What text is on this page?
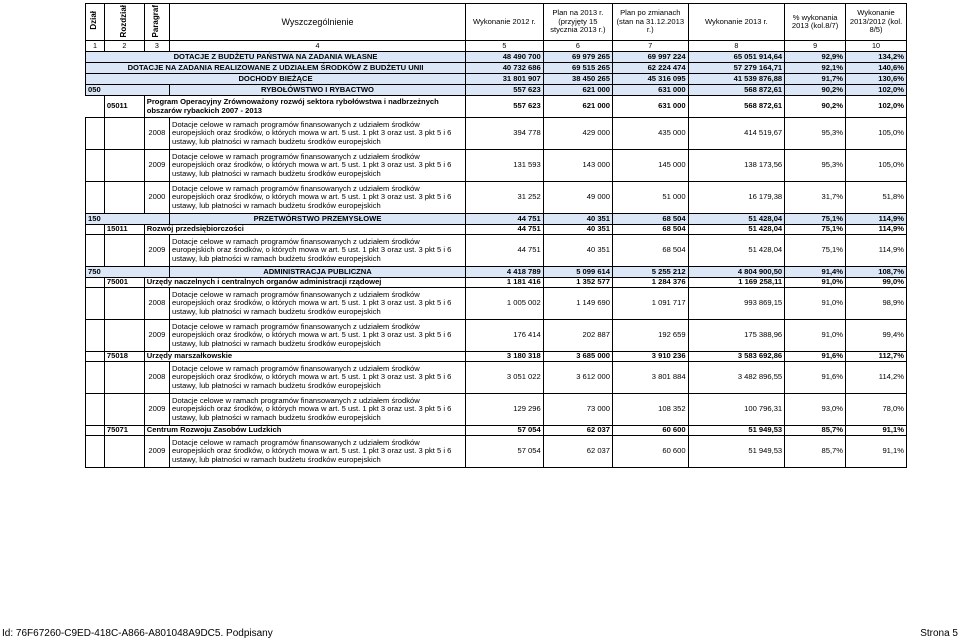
Dział	Rozdział	Paragraf	Wyszczególnienie	Wykonanie 2012 r.	Plan na 2013 r. (przyjęty 15 stycznia 2013 r.)	Plan po zmianach (stan na 31.12.2013 r.)	Wykonanie 2013 r.	% wykonania 2013 (kol.8/7)	Wykonanie 2013/2012 (kol. 8/5)
1	2	3	4	5	6	7	8	9	10
DOTACJE Z BUDŻETU PAŃSTWA NA ZADANIA WŁASNE				48 490 700	69 979 265	69 997 224	65 051 914,64	92,9%	134,2%
DOTACJE NA ZADANIA REALIZOWANE Z UDZIAŁEM ŚRODKÓW Z BUDŻETU UNII				40 732 686	69 515 265	62 224 474	57 279 164,71	92,1%	140,6%
DOCHODY BIEŻĄCE				31 801 907	38 450 265	45 316 095	41 539 876,88	91,7%	130,6%
050			RYBOŁÓWSTWO I RYBACTWO	557 623	621 000	631 000	568 872,61	90,2%	102,0%
	05011	Program Operacyjny Zrównoważony rozwój sektora rybołówstwa i nadbrzeżnych obszarów rybackich 2007 - 2013		557 623	621 000	631 000	568 872,61	90,2%	102,0%
		2008	Dotacje celowe w ramach programów finansowanych z udziałem środków europejskich oraz środków, o których mowa w art. 5 ust. 1 pkt 3 oraz ust. 3 pkt 5 i 6 ustawy, lub płatności w ramach budżetu środków europejskich	394 778	429 000	435 000	414 519,67	95,3%	105,0%
		2009	Dotacje celowe w ramach programów finansowanych z udziałem środków europejskich oraz środków, o których mowa w art. 5 ust. 1 pkt 3 oraz ust. 3 pkt 5 i 6 ustawy, lub płatności w ramach budżetu środków europejskich	131 593	143 000	145 000	138 173,56	95,3%	105,0%
		2000	Dotacje celowe w ramach programów finansowanych z udziałem środków europejskich oraz środków, o których mowa w art. 5 ust. 1 pkt 3 oraz ust. 3 pkt 5 i 6 ustawy, lub płatności w ramach budżetu środków europejskich	31 252	49 000	51 000	16 179,38	31,7%	51,8%
150			PRZETWÓRSTWO PRZEMYSŁOWE	44 751	40 351	68 504	51 428,04	75,1%	114,9%
	15011	Rozwój przedsiębiorczości		44 751	40 351	68 504	51 428,04	75,1%	114,9%
		2009	Dotacje celowe w ramach programów finansowanych z udziałem środków europejskich oraz środków, o których mowa w art. 5 ust. 1 pkt 3 oraz ust. 3 pkt 5 i 6 ustawy, lub płatności w ramach budżetu środków europejskich	44 751	40 351	68 504	51 428,04	75,1%	114,9%
750			ADMINISTRACJA PUBLICZNA	4 418 789	5 099 614	5 255 212	4 804 900,50	91,4%	108,7%
	75001	Urzędy naczelnych i centralnych organów administracji rządowej		1 181 416	1 352 577	1 284 376	1 169 258,11	91,0%	99,0%
		2008	Dotacje celowe w ramach programów finansowanych z udziałem środków europejskich oraz środków, o których mowa w art. 5 ust. 1 pkt 3 oraz ust. 3 pkt 5 i 6 ustawy, lub płatności w ramach budżetu środków europejskich	1 005 002	1 149 690	1 091 717	993 869,15	91,0%	98,9%
		2009	Dotacje celowe w ramach programów finansowanych z udziałem środków europejskich oraz środków, o których mowa w art. 5 ust. 1 pkt 3 oraz ust. 3 pkt 5 i 6 ustawy, lub płatności w ramach budżetu środków europejskich	176 414	202 887	192 659	175 388,96	91,0%	99,4%
	75018	Urzędy marszałkowskie		3 180 318	3 685 000	3 910 236	3 583 692,86	91,6%	112,7%
		2008	Dotacje celowe w ramach programów finansowanych z udziałem środków europejskich oraz środków, o których mowa w art. 5 ust. 1 pkt 3 oraz ust. 3 pkt 5 i 6 ustawy, lub płatności w ramach budżetu środków europejskich	3 051 022	3 612 000	3 801 884	3 482 896,55	91,6%	114,2%
		2009	Dotacje celowe w ramach programów finansowanych z udziałem środków europejskich oraz środków, o których mowa w art. 5 ust. 1 pkt 3 oraz ust. 3 pkt 5 i 6 ustawy, lub płatności w ramach budżetu środków europejskich	129 296	73 000	108 352	100 796,31	93,0%	78,0%
	75071	Centrum Rozwoju Zasobów Ludzkich		57 054	62 037	60 600	51 949,53	85,7%	91,1%
		2009	Dotacje celowe w ramach programów finansowanych z udziałem środków europejskich oraz środków, o których mowa w art. 5 ust. 1 pkt 3 oraz ust. 3 pkt 5 i 6 ustawy, lub płatności w ramach budżetu środków europejskich	57 054	62 037	60 600	51 949,53	85,7%	91,1%
Id: 76F67260-C9ED-418C-A866-A801048A9DC5. Podpisany	Strona 5
